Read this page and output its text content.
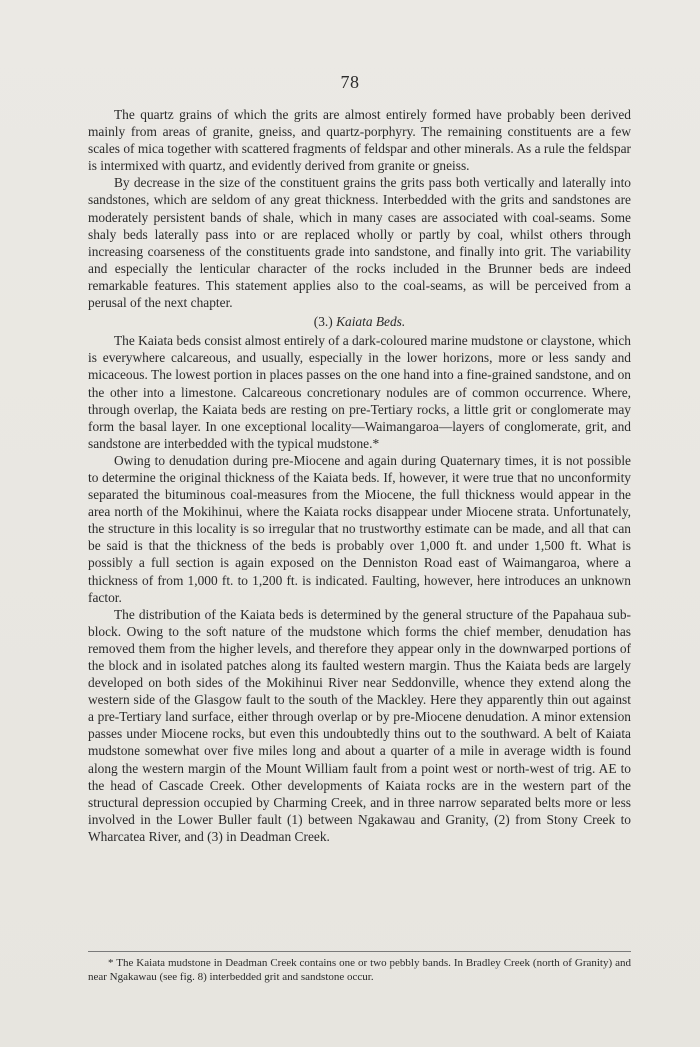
78

The quartz grains of which the grits are almost entirely formed have probably been derived mainly from areas of granite, gneiss, and quartz-porphyry. The remaining constituents are a few scales of mica together with scattered fragments of feldspar and other minerals. As a rule the feldspar is intermixed with quartz, and evidently derived from granite or gneiss.

By decrease in the size of the constituent grains the grits pass both vertically and laterally into sandstones, which are seldom of any great thickness. Interbedded with the grits and sandstones are moderately persistent bands of shale, which in many cases are associated with coal-seams. Some shaly beds laterally pass into or are replaced wholly or partly by coal, whilst others through increasing coarseness of the constituents grade into sandstone, and finally into grit. The variability and especially the lenticular character of the rocks included in the Brunner beds are indeed remarkable features. This statement applies also to the coal-seams, as will be perceived from a perusal of the next chapter.

(3.) Kaiata Beds.

The Kaiata beds consist almost entirely of a dark-coloured marine mudstone or claystone, which is everywhere calcareous, and usually, especially in the lower horizons, more or less sandy and micaceous. The lowest portion in places passes on the one hand into a fine-grained sandstone, and on the other into a limestone. Calcareous concretionary nodules are of common occurrence. Where, through overlap, the Kaiata beds are resting on pre-Tertiary rocks, a little grit or conglomerate may form the basal layer. In one exceptional locality—Waimangaroa—layers of conglomerate, grit, and sandstone are interbedded with the typical mudstone.*

Owing to denudation during pre-Miocene and again during Quaternary times, it is not possible to determine the original thickness of the Kaiata beds. If, however, it were true that no unconformity separated the bituminous coal-measures from the Miocene, the full thickness would appear in the area north of the Mokihinui, where the Kaiata rocks disappear under Miocene strata. Unfortunately, the structure in this locality is so irregular that no trustworthy estimate can be made, and all that can be said is that the thickness of the beds is probably over 1,000 ft. and under 1,500 ft. What is possibly a full section is again exposed on the Denniston Road east of Waimangaroa, where a thickness of from 1,000 ft. to 1,200 ft. is indicated. Faulting, however, here introduces an unknown factor.

The distribution of the Kaiata beds is determined by the general structure of the Papahaua sub-block. Owing to the soft nature of the mudstone which forms the chief member, denudation has removed them from the higher levels, and therefore they appear only in the downwarped portions of the block and in isolated patches along its faulted western margin. Thus the Kaiata beds are largely developed on both sides of the Mokihinui River near Seddonville, whence they extend along the western side of the Glasgow fault to the south of the Mackley. Here they apparently thin out against a pre-Tertiary land surface, either through overlap or by pre-Miocene denudation. A minor extension passes under Miocene rocks, but even this undoubtedly thins out to the southward. A belt of Kaiata mudstone somewhat over five miles long and about a quarter of a mile in average width is found along the western margin of the Mount William fault from a point west or north-west of trig. AE to the head of Cascade Creek. Other developments of Kaiata rocks are in the western part of the structural depression occupied by Charming Creek, and in three narrow separated belts more or less involved in the Lower Buller fault (1) between Ngakawau and Granity, (2) from Stony Creek to Wharcatea River, and (3) in Deadman Creek.

* The Kaiata mudstone in Deadman Creek contains one or two pebbly bands. In Bradley Creek (north of Granity) and near Ngakawau (see fig. 8) interbedded grit and sandstone occur.
